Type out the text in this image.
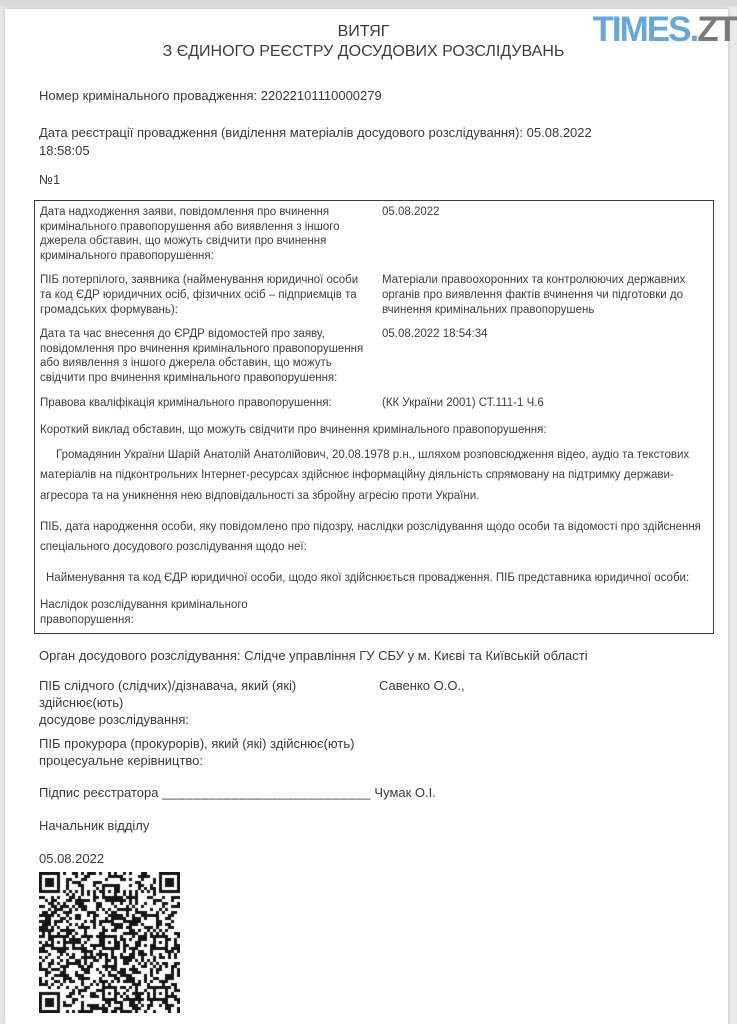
TIMES.ZT
ВИТЯГ
З ЄДИНОГО РЕЄСТРУ ДОСУДОВИХ РОЗСЛІДУВАНЬ

Номер кримінального провадження: 22022101110000279

Дата реєстрації провадження (виділення матеріалів досудового розслідування): 05.08.2022
18:58:05

№1

Дата надходження заяви, повідомлення про вчинення кримінального правопорушення або виявлення з іншого джерела обставин, що можуть свідчити про вчинення кримінального правопорушення:
05.08.2022
ПІБ потерпілого, заявника (найменування юридичної особи та код ЄДР юридичних осіб, фізичних осіб – підприємців та громадських формувань):
Матеріали правоохоронних та контролюючих державних органів про виявлення фактів вчинення чи підготовки до вчинення кримінальних правопорушень
Дата та час внесення до ЄРДР відомостей про заяву, повідомлення про вчинення кримінального правопорушення або виявлення з іншого джерела обставин, що можуть свідчити про вчинення кримінального правопорушення:
05.08.2022 18:54:34
Правова кваліфікація кримінального правопорушення:	(КК України 2001) СТ.111-1 Ч.6
Короткий виклад обставин, що можуть свідчити про вчинення кримінального правопорушення:
Громадянин України Шарій Анатолій Анатолійович, 20.08.1978 р.н., шляхом розповсюдження відео, аудіо та текстових матеріалів на підконтрольних Інтернет-ресурсах здійснює інформаційну діяльність спрямовану на підтримку держави-агресора та на уникнення нею відповідальності за збройну агресію проти України.
ПІБ, дата народження особи, яку повідомлено про підозру, наслідки розслідування щодо особи та відомості про здійснення спеціального досудового розслідування щодо неї:
Найменування та код ЄДР юридичної особи, щодо якої здійснюється провадження. ПІБ представника юридичної особи:
Наслідок розслідування кримінального правопорушення:

Орган досудового розслідування: Слідче управління ГУ СБУ у м. Києві та Київській області

ПІБ слідчого (слідчих)/дізнавача, який (які) здійснює(ють)
досудове розслідування:
Савенко О.О.,
ПІБ прокурора (прокурорів), який (які) здійснює(ють)
процесуальне керівництво:

Підпис реєстратора ___________________________ Чумак О.І.

Начальник відділу

05.08.2022
